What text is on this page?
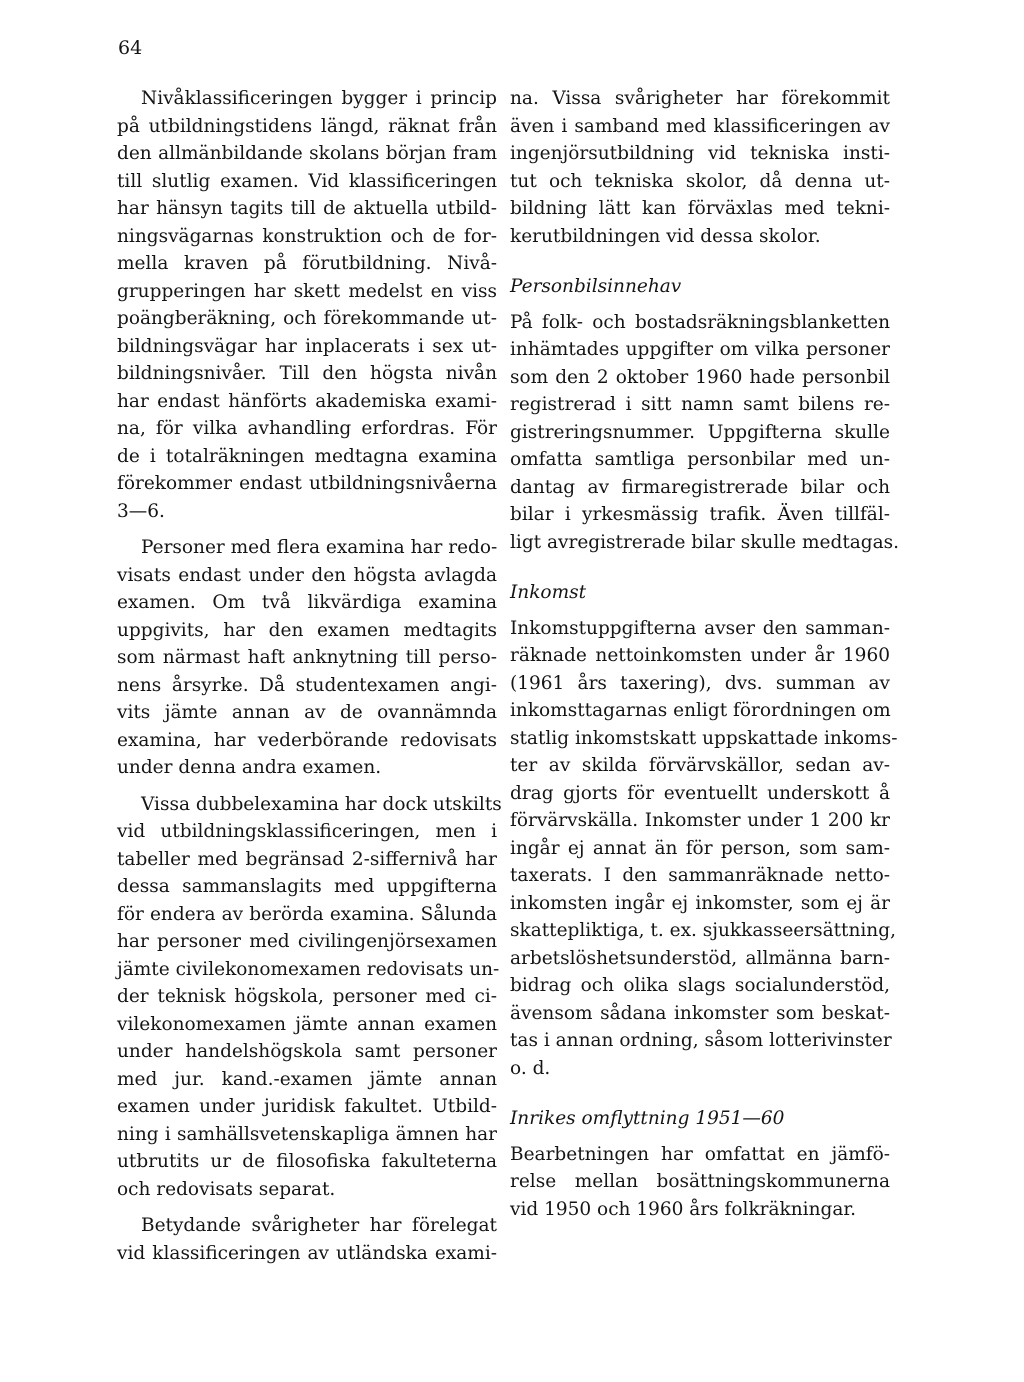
64
Nivåklassificeringen bygger i princip
på utbildningstidens längd, räknat från
den allmänbildande skolans början fram
till slutlig examen. Vid klassificeringen
har hänsyn tagits till de aktuella utbild-
ningsvägarnas konstruktion och de for-
mella kraven på förutbildning. Nivå-
grupperingen har skett medelst en viss
poängberäkning, och förekommande ut-
bildningsvägar har inplacerats i sex ut-
bildningsnivåer. Till den högsta nivån
har endast hänförts akademiska exami-
na, för vilka avhandling erfordras. För
de i totalräkningen medtagna examina
förekommer endast utbildningsnivåerna
3—6.
Personer med flera examina har redo-
visats endast under den högsta avlagda
examen. Om två likvärdiga examina
uppgivits, har den examen medtagits
som närmast haft anknytning till perso-
nens årsyrke. Då studentexamen angi-
vits jämte annan av de ovannämnda
examina, har vederbörande redovisats
under denna andra examen.
Vissa dubbelexamina har dock utskilts
vid utbildningsklassificeringen, men i
tabeller med begränsad 2-siffernivå har
dessa sammanslagits med uppgifterna
för endera av berörda examina. Sålunda
har personer med civilingenjörsexamen
jämte civilekonomexamen redovisats un-
der teknisk högskola, personer med ci-
vilekonomexamen jämte annan examen
under handelshögskola samt personer
med jur. kand.-examen jämte annan
examen under juridisk fakultet. Utbild-
ning i samhällsvetenskapliga ämnen har
utbrutits ur de filosofiska fakulteterna
och redovisats separat.
Betydande svårigheter har förelegat
vid klassificeringen av utländska exami-
na. Vissa svårigheter har förekommit
även i samband med klassificeringen av
ingenjörsutbildning vid tekniska insti-
tut och tekniska skolor, då denna ut-
bildning lätt kan förväxlas med tekni-
kerutbildningen vid dessa skolor.
Personbilsinnehav
På folk- och bostadsräkningsblanketten
inhämtades uppgifter om vilka personer
som den 2 oktober 1960 hade personbil
registrerad i sitt namn samt bilens re-
gistreringsnummer. Uppgifterna skulle
omfatta samtliga personbilar med un-
dantag av firmaregistrerade bilar och
bilar i yrkesmässig trafik. Även tillfäl-
ligt avregistrerade bilar skulle medtagas.
Inkomst
Inkomstuppgifterna avser den samman-
räknade nettoinkomsten under år 1960
(1961 års taxering), dvs. summan av
inkomsttagarnas enligt förordningen om
statlig inkomstskatt uppskattade inkoms-
ter av skilda förvärvskällor, sedan av-
drag gjorts för eventuellt underskott å
förvärvskälla. Inkomster under 1 200 kr
ingår ej annat än för person, som sam-
taxerats. I den sammanräknade netto-
inkomsten ingår ej inkomster, som ej är
skattepliktiga, t. ex. sjukkasseersättning,
arbetslöshetsunderstöd, allmänna barn-
bidrag och olika slags socialunderstöd,
ävensom sådana inkomster som beskat-
tas i annan ordning, såsom lotterivinster
o. d.
Inrikes omflyttning 1951—60
Bearbetningen har omfattat en jämfö-
relse mellan bosättningskommunerna
vid 1950 och 1960 års folkräkningar.
